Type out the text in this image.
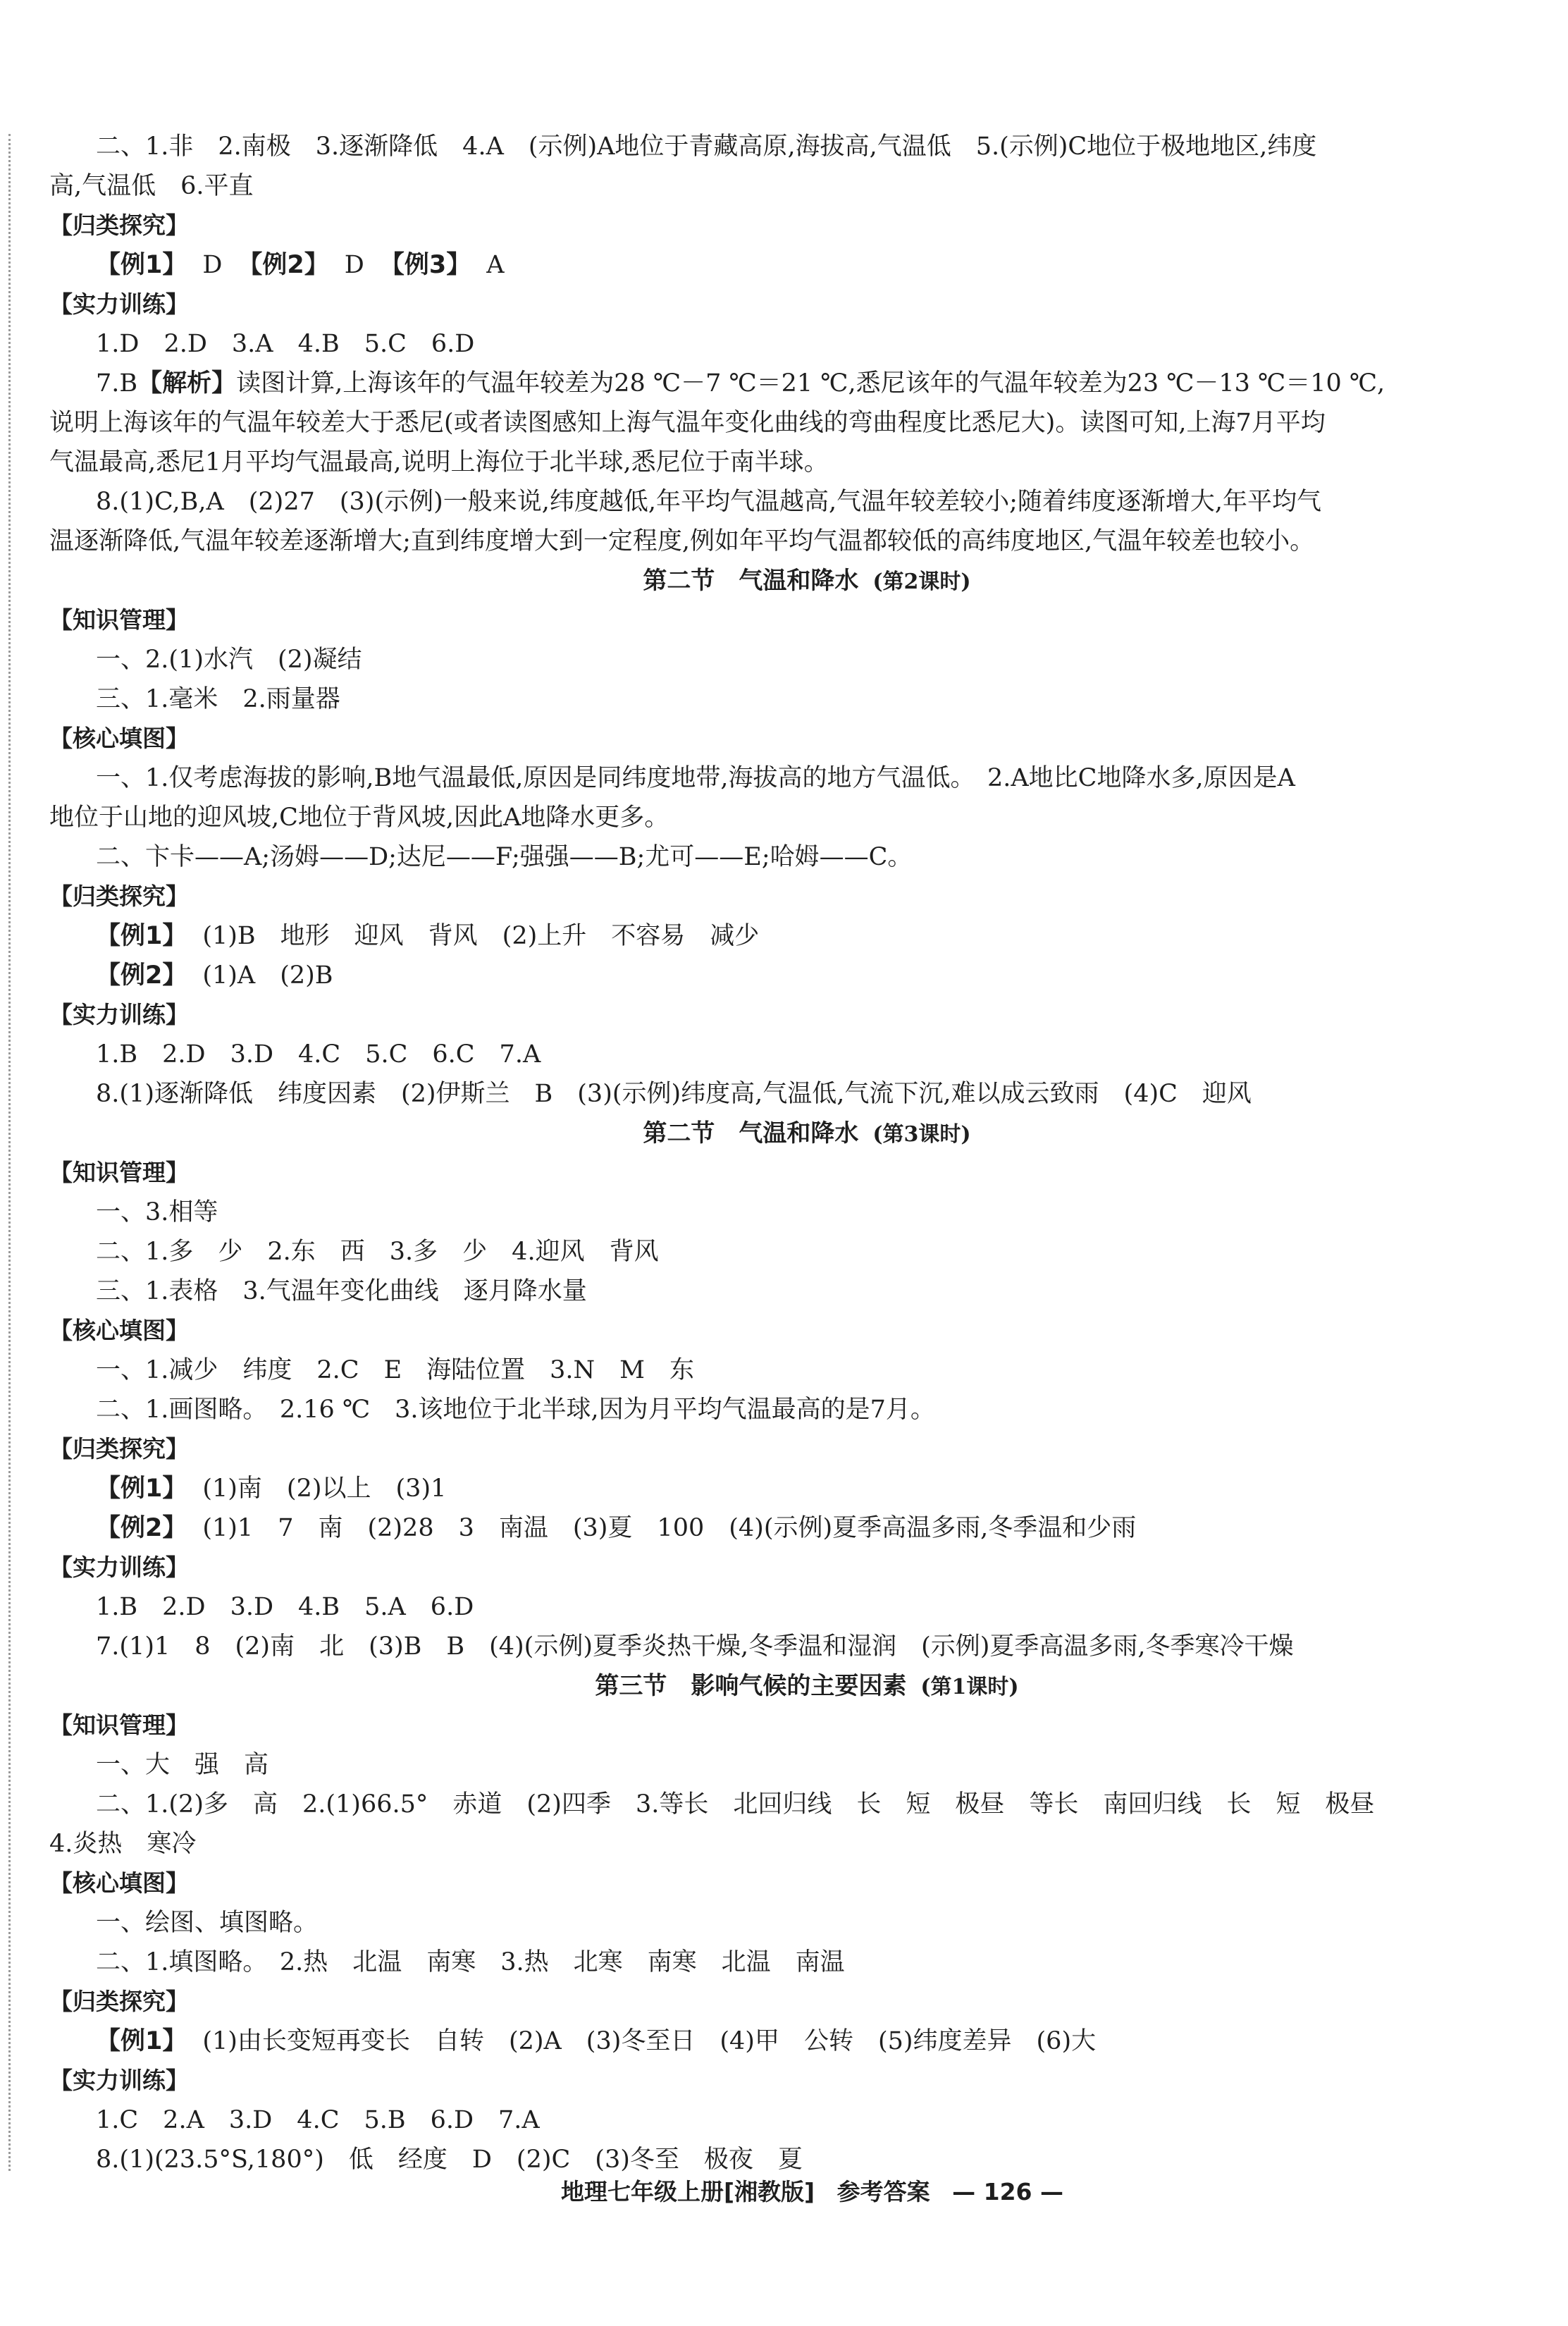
二、1.非　2.南极　3.逐渐降低　4.A　(示例)A地位于青藏高原,海拔高,气温低　5.(示例)C地位于极地地区,纬度
高,气温低　6.平直
【归类探究】
【例1】 D 【例2】 D 【例3】 A
【实力训练】
1.D　2.D　3.A　4.B　5.C　6.D
7.B【解析】读图计算,上海该年的气温年较差为28 ℃－7 ℃＝21 ℃,悉尼该年的气温年较差为23 ℃－13 ℃＝10 ℃,
说明上海该年的气温年较差大于悉尼(或者读图感知上海气温年变化曲线的弯曲程度比悉尼大)。读图可知,上海7月平均
气温最高,悉尼1月平均气温最高,说明上海位于北半球,悉尼位于南半球。
8.(1)C,B,A　(2)27　(3)(示例)一般来说,纬度越低,年平均气温越高,气温年较差较小;随着纬度逐渐增大,年平均气
温逐渐降低,气温年较差逐渐增大;直到纬度增大到一定程度,例如年平均气温都较低的高纬度地区,气温年较差也较小。
第二节　气温和降水 (第2课时)
【知识管理】
一、2.(1)水汽　(2)凝结
三、1.毫米　2.雨量器
【核心填图】
一、1.仅考虑海拔的影响,B地气温最低,原因是同纬度地带,海拔高的地方气温低。　2.A地比C地降水多,原因是A
地位于山地的迎风坡,C地位于背风坡,因此A地降水更多。
二、卞卡——A;汤姆——D;达尼——F;强强——B;尤可——E;哈姆——C。
【归类探究】
【例1】 (1)B　地形　迎风　背风　(2)上升　不容易　减少
【例2】 (1)A　(2)B
【实力训练】
1.B　2.D　3.D　4.C　5.C　6.C　7.A
8.(1)逐渐降低　纬度因素　(2)伊斯兰　B　(3)(示例)纬度高,气温低,气流下沉,难以成云致雨　(4)C　迎风
第二节　气温和降水 (第3课时)
【知识管理】
一、3.相等
二、1.多　少　2.东　西　3.多　少　4.迎风　背风
三、1.表格　3.气温年变化曲线　逐月降水量
【核心填图】
一、1.减少　纬度　2.C　E　海陆位置　3.N　M　东
二、1.画图略。　2.16 ℃　3.该地位于北半球,因为月平均气温最高的是7月。
【归类探究】
【例1】 (1)南　(2)以上　(3)1
【例2】 (1)1　7　南　(2)28　3　南温　(3)夏　100　(4)(示例)夏季高温多雨,冬季温和少雨
【实力训练】
1.B　2.D　3.D　4.B　5.A　6.D
7.(1)1　8　(2)南　北　(3)B　B　(4)(示例)夏季炎热干燥,冬季温和湿润　(示例)夏季高温多雨,冬季寒冷干燥
第三节　影响气候的主要因素 (第1课时)
【知识管理】
一、大　强　高
二、1.(2)多　高　2.(1)66.5°　赤道　(2)四季　3.等长　北回归线　长　短　极昼　等长　南回归线　长　短　极昼
4.炎热　寒冷
【核心填图】
一、绘图、填图略。
二、1.填图略。　2.热　北温　南寒　3.热　北寒　南寒　北温　南温
【归类探究】
【例1】 (1)由长变短再变长　自转　(2)A　(3)冬至日　(4)甲　公转　(5)纬度差异　(6)大
【实力训练】
1.C　2.A　3.D　4.C　5.B　6.D　7.A
8.(1)(23.5°S,180°)　低　经度　D　(2)C　(3)冬至　极夜　夏
地理七年级上册[湘教版] 参考答案 — 126 —
